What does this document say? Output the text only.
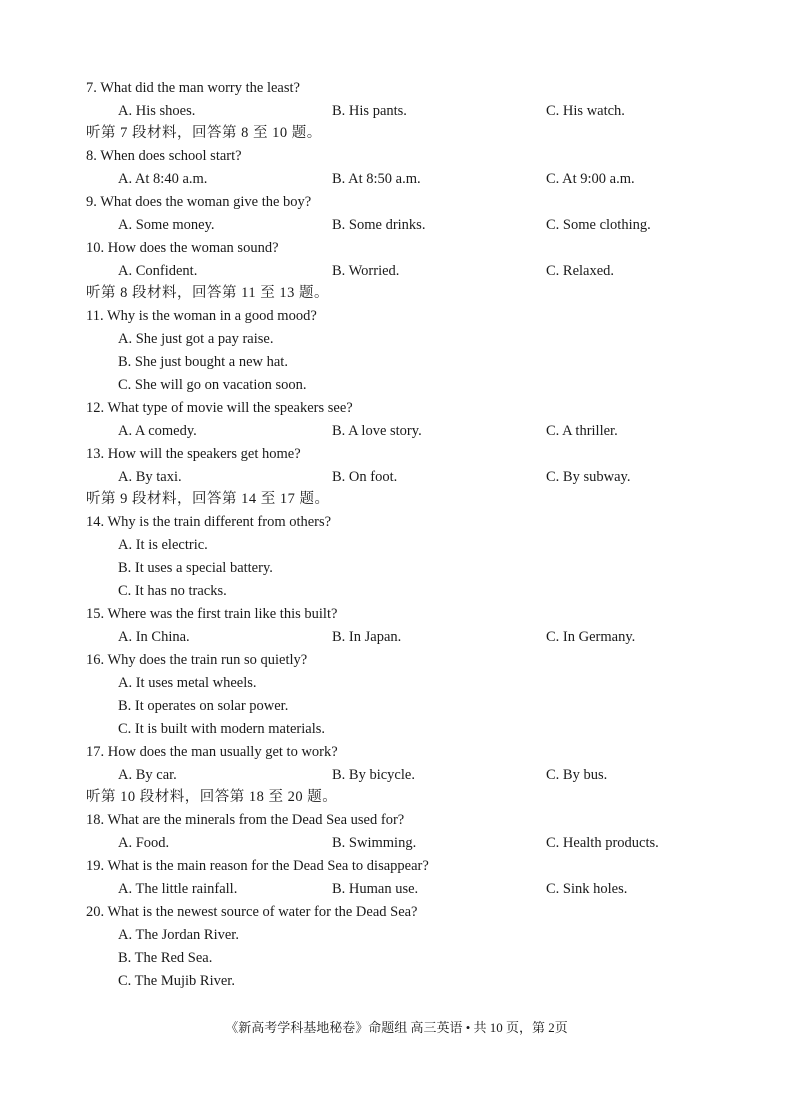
7. What did the man worry the least?
A. His shoes.	B. His pants.	C. His watch.
听第 7 段材料，回答第 8 至 10 题。
8. When does school start?
A. At 8:40 a.m.	B. At 8:50 a.m.	C. At 9:00 a.m.
9. What does the woman give the boy?
A. Some money.	B. Some drinks.	C. Some clothing.
10. How does the woman sound?
A. Confident.	B. Worried.	C. Relaxed.
听第 8 段材料，回答第 11 至 13 题。
11. Why is the woman in a good mood?
A. She just got a pay raise.
B. She just bought a new hat.
C. She will go on vacation soon.
12. What type of movie will the speakers see?
A. A comedy.	B. A love story.	C. A thriller.
13. How will the speakers get home?
A. By taxi.	B. On foot.	C. By subway.
听第 9 段材料，回答第 14 至 17 题。
14. Why is the train different from others?
A. It is electric.
B. It uses a special battery.
C. It has no tracks.
15. Where was the first train like this built?
A. In China.	B. In Japan.	C. In Germany.
16. Why does the train run so quietly?
A. It uses metal wheels.
B. It operates on solar power.
C. It is built with modern materials.
17. How does the man usually get to work?
A. By car.	B. By bicycle.	C. By bus.
听第 10 段材料，回答第 18 至 20 题。
18. What are the minerals from the Dead Sea used for?
A. Food.	B. Swimming.	C. Health products.
19. What is the main reason for the Dead Sea to disappear?
A. The little rainfall.	B. Human use.	C. Sink holes.
20. What is the newest source of water for the Dead Sea?
A. The Jordan River.
B. The Red Sea.
C. The Mujib River.
《新高考学科基地秘卷》命题组 高三英语 • 共 10 页，第 2页
